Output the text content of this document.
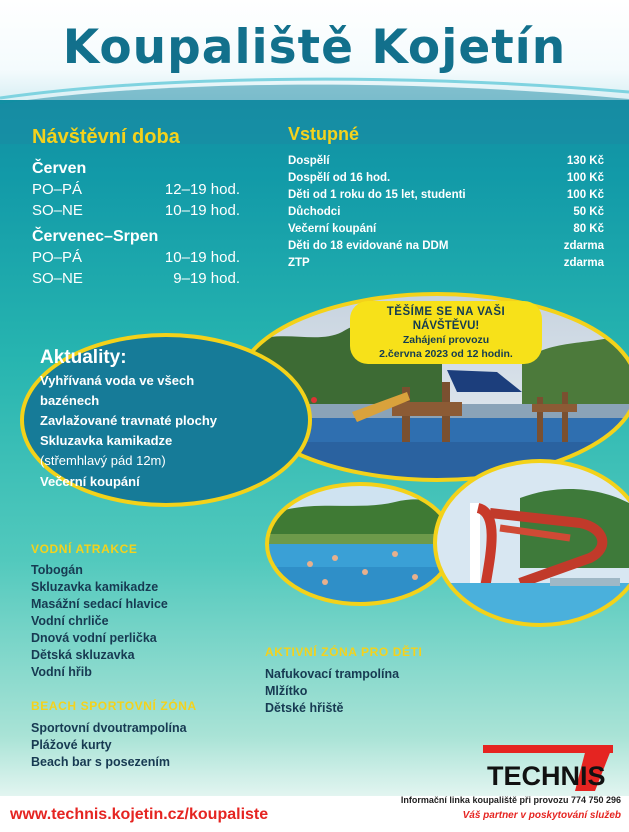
Koupaliště Kojetín
Návštěvní doba
Červen
PO–PÁ	12–19 hod.
SO–NE	10–19 hod.
Červenec–Srpen
PO–PÁ	10–19 hod.
SO–NE	9–19 hod.
Vstupné
Dospělí	130 Kč
Dospělí od 16 hod.	100 Kč
Děti od 1 roku do 15 let, studenti	100 Kč
Důchodci	50 Kč
Večerní koupání	80 Kč
Děti do 18 evidované na DDM	zdarma
ZTP	zdarma
TĚŠÍME SE NA VAŠI
NÁVŠTĚVU!
Zahájení provozu
2.června 2023 od 12 hodin.
Aktuality:
Vyhřívaná voda ve všech
bazénech
Zavlažované travnaté plochy
Skluzavka kamikadze
(střemhlavý pád 12m)
Večerní koupání
VODNÍ ATRAKCE
Tobogán
Skluzavka kamikadze
Masážní sedací hlavice
Vodní chrliče
Dnová vodní perlička
Dětská skluzavka
Vodní hřib
BEACH SPORTOVNÍ ZÓNA
Sportovní dvoutrampolína
Plážové kurty
Beach bar s posezením
AKTIVNÍ ZÓNA PRO DĚTI
Nafukovací trampolína
Mlžítko
Dětské hřiště
TECHNIS
www.technis.kojetin.cz/koupaliste
Informační linka koupaliště při provozu 774 750 296
Váš partner v poskytování služeb
